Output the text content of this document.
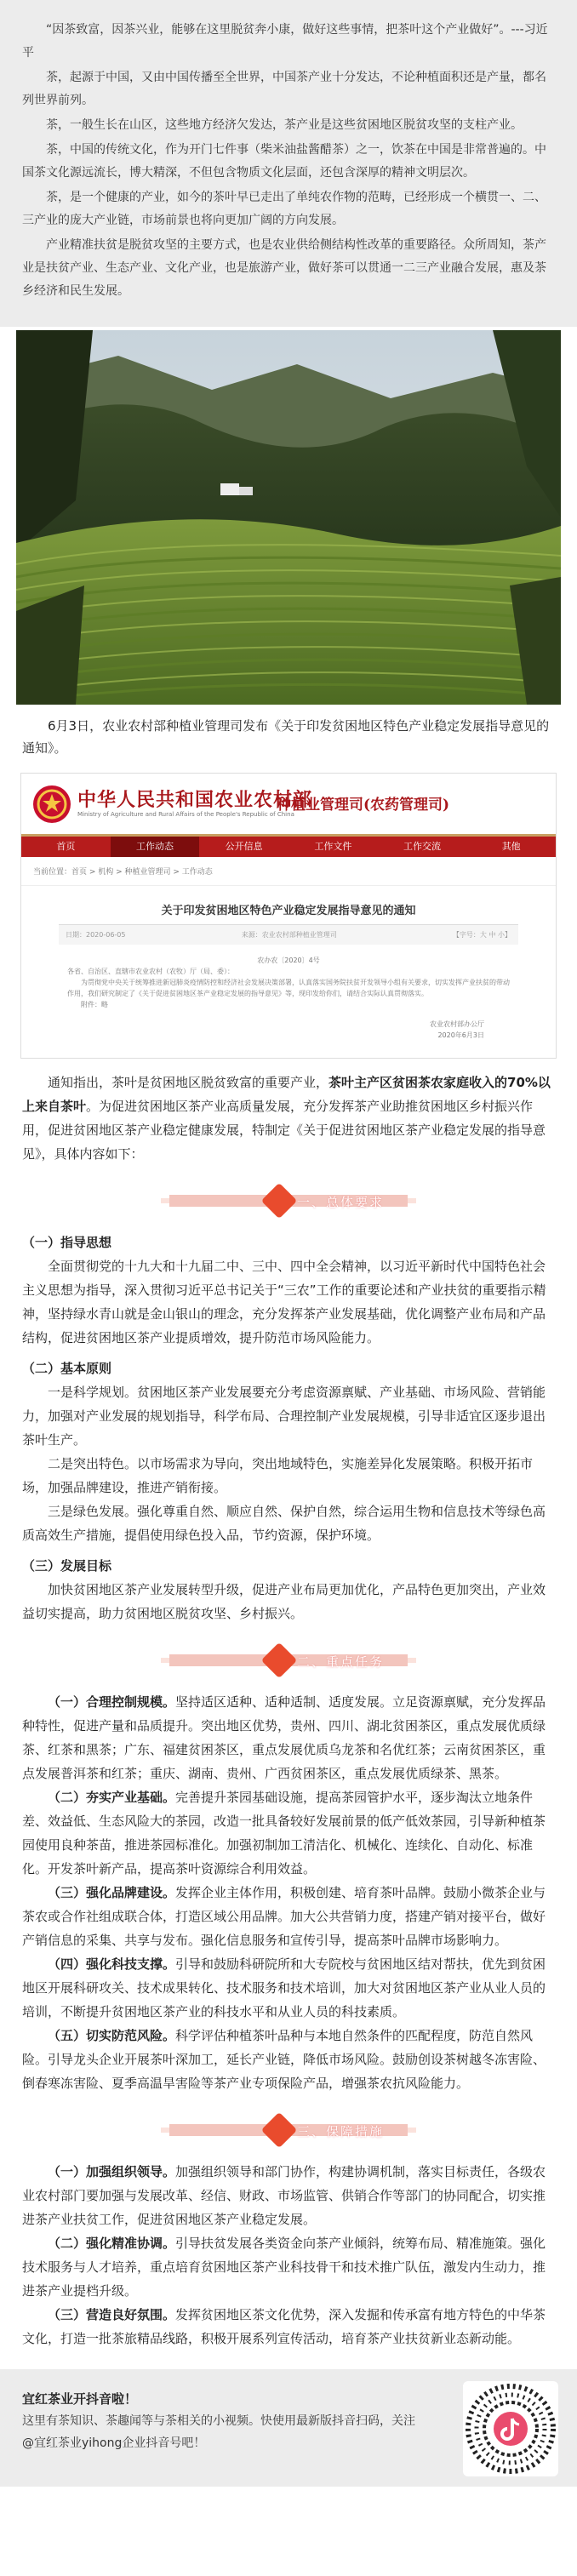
“因茶致富，因茶兴业，能够在这里脱贫奔小康，做好这些事情，把茶叶这个产业做好”。---习近平

茶，起源于中国，又由中国传播至全世界，中国茶产业十分发达，不论种植面积还是产量，都名列世界前列。

茶，一般生长在山区，这些地方经济欠发达，茶产业是这些贫困地区脱贫攻坚的支柱产业。

茶，中国的传统文化，作为开门七件事（柴米油盐酱醋茶）之一，饮茶在中国是非常普遍的。中国茶文化源远流长，博大精深，不但包含物质文化层面，还包含深厚的精神文明层次。

茶，是一个健康的产业，如今的茶叶早已走出了单纯农作物的范畴，已经形成一个横贯一、二、三产业的庞大产业链，市场前景也将向更加广阔的方向发展。

产业精准扶贫是脱贫攻坚的主要方式，也是农业供给侧结构性改革的重要路径。众所周知，茶产业是扶贫产业、生态产业、文化产业，也是旅游产业，做好茶可以贯通一二三产业融合发展，惠及茶乡经济和民生发展。

6月3日，农业农村部种植业管理司发布《关于印发贫困地区特色产业稳定发展指导意见的通知》。

中华人民共和国农业农村部
Ministry of Agriculture and Rural Affairs of the People's Republic of China
种植业管理司(农药管理司)
首页	工作动态	公开信息	工作文件	工作交流	其他
当前位置：首页 > 机构 > 种植业管理司 > 工作动态
关于印发贫困地区特色产业稳定发展指导意见的通知
日期：2020-06-05	来源：农业农村部种植业管理司	【字号：大 中 小】
农办农〔2020〕4号
各省、自治区、直辖市农业农村（农牧）厅（局、委）：
为贯彻党中央关于统筹推进新冠肺炎疫情防控和经济社会发展决策部署，认真落实国务院扶贫开发领导小组有关要求，切实发挥产业扶贫的带动作用，我们研究制定了《关于促进贫困地区茶产业稳定发展的指导意见》等，现印发给你们，请结合实际认真贯彻落实。
附件：略
农业农村部办公厅
2020年6月3日

通知指出，茶叶是贫困地区脱贫致富的重要产业，茶叶主产区贫困茶农家庭收入的70%以上来自茶叶。为促进贫困地区茶产业高质量发展，充分发挥茶产业助推贫困地区乡村振兴作用，促进贫困地区茶产业稳定健康发展，特制定《关于促进贫困地区茶产业稳定发展的指导意见》，具体内容如下：

一、总体要求
（一）指导思想

全面贯彻党的十九大和十九届二中、三中、四中全会精神，以习近平新时代中国特色社会主义思想为指导，深入贯彻习近平总书记关于“三农”工作的重要论述和产业扶贫的重要指示精神，坚持绿水青山就是金山银山的理念，充分发挥茶产业发展基础，优化调整产业布局和产品结构，促进贫困地区茶产业提质增效，提升防范市场风险能力。

（二）基本原则

一是科学规划。贫困地区茶产业发展要充分考虑资源禀赋、产业基础、市场风险、营销能力，加强对产业发展的规划指导，科学布局、合理控制产业发展规模，引导非适宜区逐步退出茶叶生产。

二是突出特色。以市场需求为导向，突出地域特色，实施差异化发展策略。积极开拓市场，加强品牌建设，推进产销衔接。

三是绿色发展。强化尊重自然、顺应自然、保护自然，综合运用生物和信息技术等绿色高质高效生产措施，提倡使用绿色投入品，节约资源，保护环境。

（三）发展目标

加快贫困地区茶产业发展转型升级，促进产业布局更加优化，产品特色更加突出，产业效益切实提高，助力贫困地区脱贫攻坚、乡村振兴。

二、重点任务

（一）合理控制规模。坚持适区适种、适种适制、适度发展。立足资源禀赋，充分发挥品种特性，促进产量和品质提升。突出地区优势，贵州、四川、湖北贫困茶区，重点发展优质绿茶、红茶和黑茶；广东、福建贫困茶区，重点发展优质乌龙茶和名优红茶；云南贫困茶区，重点发展普洱茶和红茶；重庆、湖南、贵州、广西贫困茶区，重点发展优质绿茶、黑茶。

（二）夯实产业基础。完善提升茶园基础设施，提高茶园管护水平，逐步淘汰立地条件差、效益低、生态风险大的茶园，改造一批具备较好发展前景的低产低效茶园，引导新种植茶园使用良种茶苗，推进茶园标准化。加强初制加工清洁化、机械化、连续化、自动化、标准化。开发茶叶新产品，提高茶叶资源综合利用效益。

（三）强化品牌建设。发挥企业主体作用，积极创建、培育茶叶品牌。鼓励小微茶企业与茶农或合作社组成联合体，打造区域公用品牌。加大公共营销力度，搭建产销对接平台，做好产销信息的采集、共享与发布。强化信息服务和宣传引导，提高茶叶品牌市场影响力。

（四）强化科技支撑。引导和鼓励科研院所和大专院校与贫困地区结对帮扶，优先到贫困地区开展科研攻关、技术成果转化、技术服务和技术培训，加大对贫困地区茶产业从业人员的培训，不断提升贫困地区茶产业的科技水平和从业人员的科技素质。

（五）切实防范风险。科学评估种植茶叶品种与本地自然条件的匹配程度，防范自然风险。引导龙头企业开展茶叶深加工，延长产业链，降低市场风险。鼓励创设茶树越冬冻害险、倒春寒冻害险、夏季高温旱害险等茶产业专项保险产品，增强茶农抗风险能力。

三、保障措施

（一）加强组织领导。加强组织领导和部门协作，构建协调机制，落实目标责任，各级农业农村部门要加强与发展改革、经信、财政、市场监管、供销合作等部门的协同配合，切实推进茶产业扶贫工作，促进贫困地区茶产业稳定发展。

（二）强化精准协调。引导扶贫发展各类资金向茶产业倾斜，统筹布局、精准施策。强化技术服务与人才培养，重点培育贫困地区茶产业科技骨干和技术推广队伍，激发内生动力，推进茶产业提档升级。

（三）营造良好氛围。发挥贫困地区茶文化优势，深入发掘和传承富有地方特色的中华茶文化，打造一批茶旅精品线路，积极开展系列宣传活动，培育茶产业扶贫新业态新动能。

宜红茶业开抖音啦！
这里有茶知识、茶趣闻等与茶相关的小视频。快使用最新版抖音扫码，关注@宜红茶业yihong企业抖音号吧！
